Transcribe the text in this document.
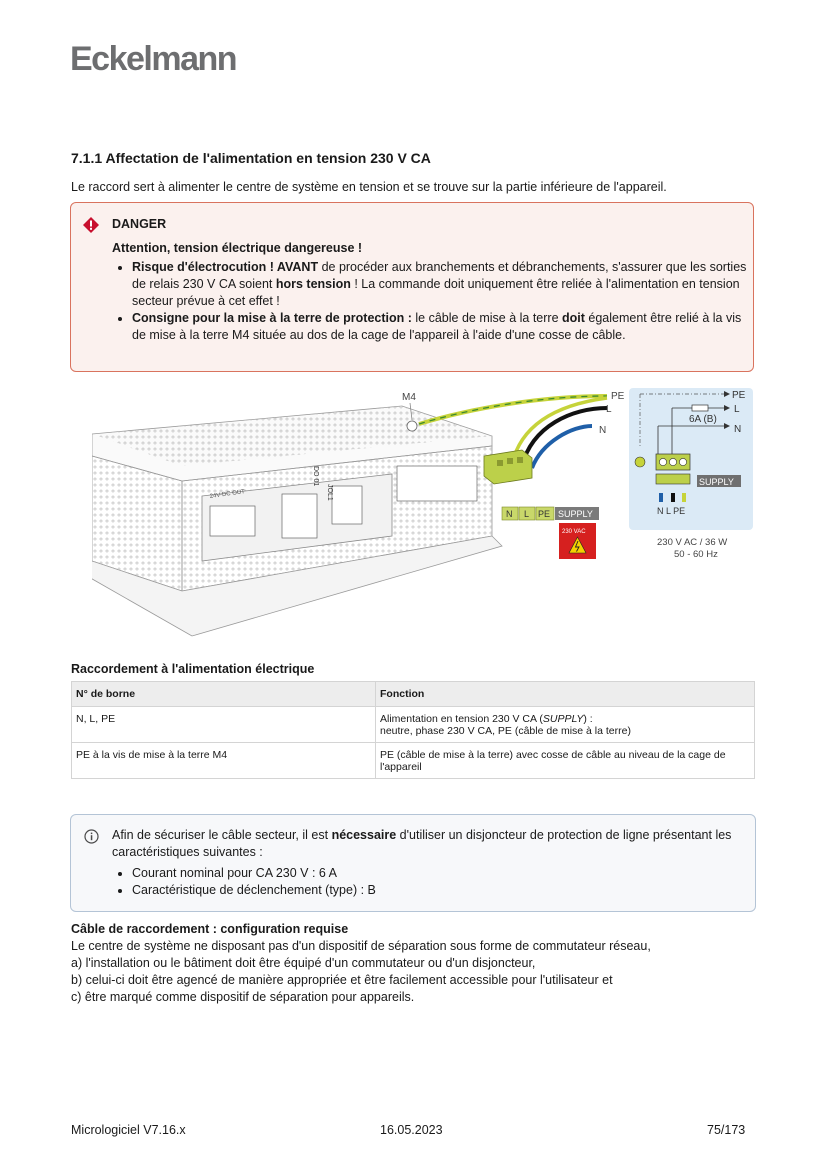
Eckelmann
7.1.1 Affectation de l'alimentation en tension 230 V CA
Le raccord sert à alimenter le centre de système en tension et se trouve sur la partie inférieure de l'appareil.
DANGER
Attention, tension électrique dangereuse !
• Risque d'électrocution ! AVANT de procéder aux branchements et débranchements, s'assurer que les sorties de relais 230 V CA soient hors tension ! La commande doit uniquement être reliée à l'alimentation en tension secteur prévue à cet effet !
• Consigne pour la mise à la terre de protection : le câble de mise à la terre doit également être relié à la vis de mise à la terre M4 située au dos de la cage de l'appareil à l'aide d'une cosse de câble.
DO 01
JOL1
24V-DC OUT
M4	PE
L
N
N L PE SUPPLY
230 VAC
PE
L
N
6A (B)
SUPPLY
N L PE
230 V AC / 36 W
50 - 60 Hz
Raccordement à l'alimentation électrique
N° de borne	Fonction
N, L, PE	Alimentation en tension 230 V CA (SUPPLY) :
neutre, phase 230 V CA, PE (câble de mise à la terre)
PE à la vis de mise à la terre M4	PE (câble de mise à la terre) avec cosse de câble au niveau de la cage de l'appareil
Afin de sécuriser le câble secteur, il est nécessaire d'utiliser un disjoncteur de protection de ligne présentant les caractéristiques suivantes :
• Courant nominal pour CA 230 V : 6 A
• Caractéristique de déclenchement (type) : B
Câble de raccordement : configuration requise
Le centre de système ne disposant pas d'un dispositif de séparation sous forme de commutateur réseau,
a) l'installation ou le bâtiment doit être équipé d'un commutateur ou d'un disjoncteur,
b) celui-ci doit être agencé de manière appropriée et être facilement accessible pour l'utilisateur et
c) être marqué comme dispositif de séparation pour appareils.
Micrologiciel V7.16.x	16.05.2023	75/173
